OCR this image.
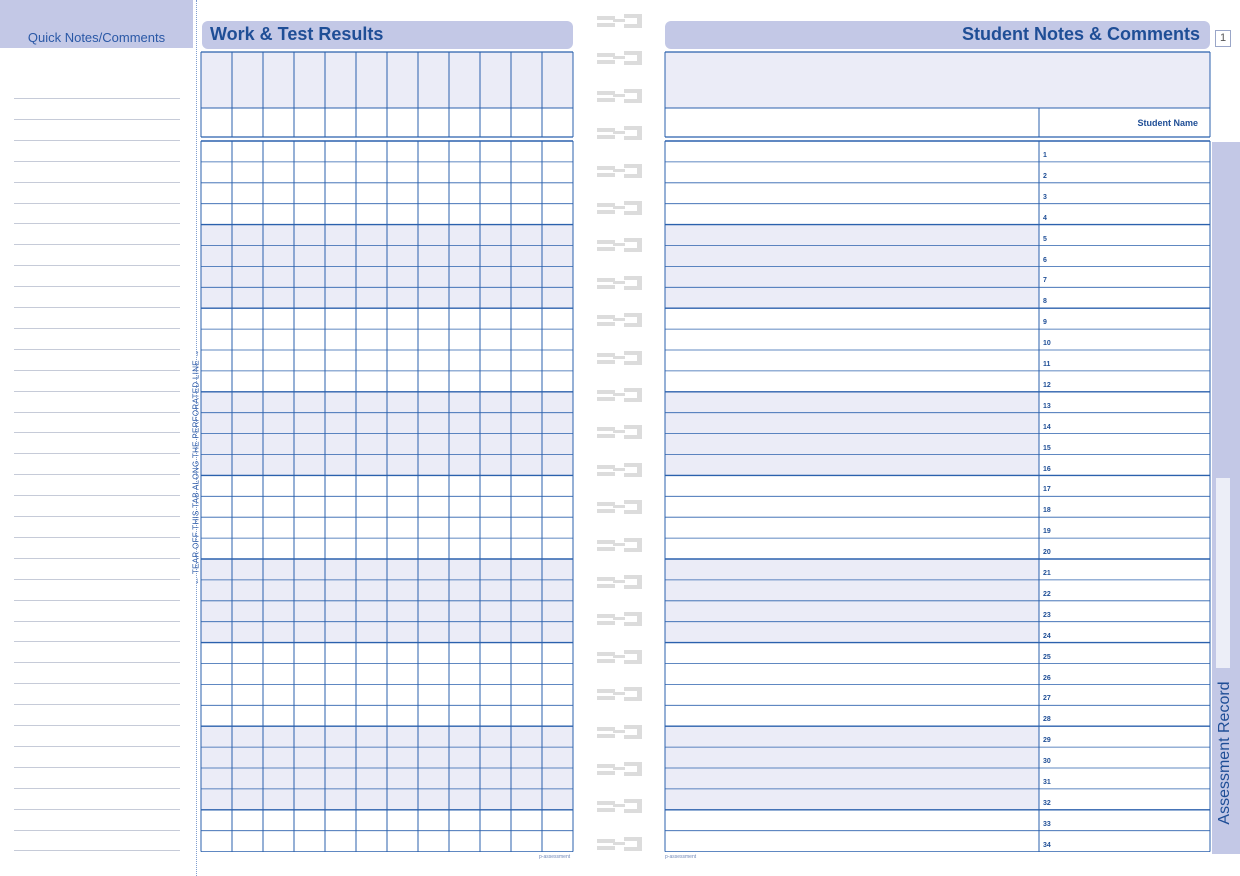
Quick Notes/Comments
← TEAR OFF THIS TAB ALONG THE PERFORATED LINE →
Work & Test Results	Student Notes & Comments	1
Student Name
1
2
3
4
5
6
7
8
9
10
11
12
13
14
15
16
17
18
19
20
21
22
23
24
25
26
27
28
29
30
31
32
33
34
Assessment Record
p-assessment	p-assessment
